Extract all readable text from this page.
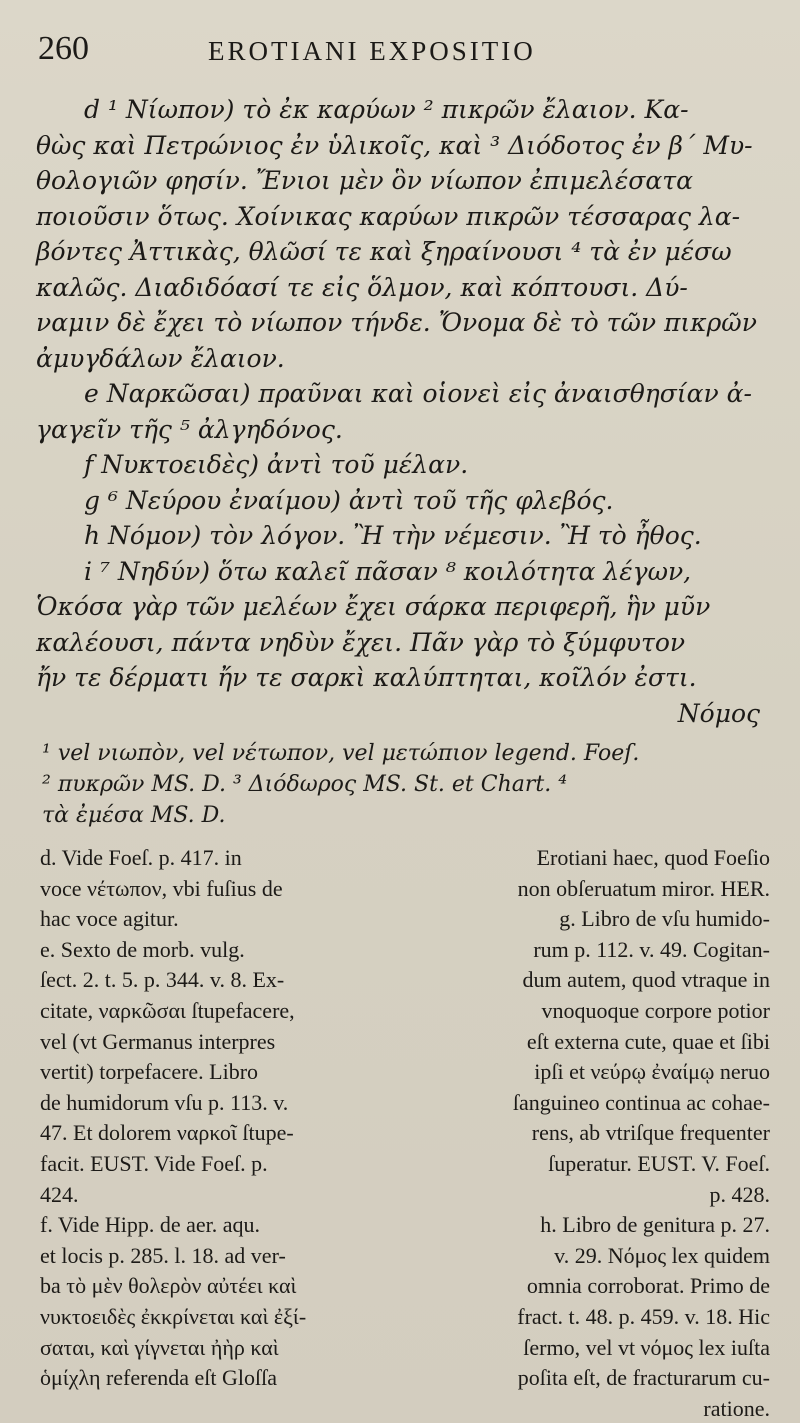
260	EROTIANI EXPOSITIO
d ¹ Νίωπον) τὸ ἐκ καρύων ² πικρῶν ἔλαιον. Κα-
θὼς καὶ Πετρώνιος ἐν ὑλικοῖς, καὶ ³ Διόδοτος ἐν β΄ Μυ-
θολογιῶν φησίν. Ἔνιοι μὲν ὃν νίωπον ἐπιμελέσατα
ποιοῦσιν ὅτως. Χοίνικας καρύων πικρῶν τέσσαρας λα-
βόντες Ἀττικὰς, θλῶσί τε καὶ ξηραίνουσι ⁴ τὰ ἐν μέσω
καλῶς. Διαδιδόασί τε εἰς ὅλμον, καὶ κόπτουσι. Δύ-
ναμιν δὲ ἔχει τὸ νίωπον τήνδε. Ὄνομα δὲ τὸ τῶν πικρῶν
ἀμυγδάλων ἔλαιον.
e Ναρκῶσαι) πραῦναι καὶ οἱονεὶ εἰς ἀναισθησίαν ἀ-
γαγεῖν τῆς ⁵ ἀλγηδόνος.
f Νυκτοειδὲς) ἀντὶ τοῦ μέλαν.
g ⁶ Νεύρου ἐναίμου) ἀντὶ τοῦ τῆς φλεβός.
h Νόμον) τὸν λόγον. Ἢ τὴν νέμεσιν. Ἢ τὸ ἦθος.
i ⁷ Νηδύν) ὅτω καλεῖ πᾶσαν ⁸ κοιλότητα λέγων,
Ὁκόσα γὰρ τῶν μελέων ἔχει σάρκα περιφερῆ, ἣν μῦν
καλέουσι, πάντα νηδὺν ἔχει. Πᾶν γὰρ τὸ ξύμφυτον
ἤν τε δέρματι ἤν τε σαρκὶ καλύπτηται, κοῖλόν ἐστι.
Νόμος
¹ vel νιωπὸν, vel νέτωπον, vel μετώπιον legend. Foeſ.
² πυκρῶν MS. D. ³ Διόδωρος MS. St. et Chart. ⁴
τὰ ἐμέσα MS. D.
d. Vide Foeſ. p. 417. in
voce νέτωπον, vbi fuſius de
hac voce agitur.
e. Sexto de morb. vulg.
ſect. 2. t. 5. p. 344. v. 8. Ex-
citate, ναρκῶσαι ſtupefacere,
vel (vt Germanus interpres
vertit) torpefacere. Libro
de humidorum vſu p. 113. v.
47. Et dolorem ναρκοῖ ſtupe-
facit. EUST. Vide Foeſ. p.
424.
f. Vide Hipp. de aer. aqu.
et locis p. 285. l. 18. ad ver-
ba τὸ μὲν θολερὸν αὐτέει καὶ
νυκτοειδὲς ἐκκρίνεται καὶ ἐξί-
σαται, καὶ γίγνεται ἠὴρ καὶ
ὁμίχλη referenda eſt Gloſſa
Erotiani haec, quod Foeſio
non obſeruatum miror. HER.
g. Libro de vſu humido-
rum p. 112. v. 49. Cogitan-
dum autem, quod vtraque in
vnoquoque corpore potior
eſt externa cute, quae et ſibi
ipſi et νεύρῳ ἐναίμῳ neruo
ſanguineo continua ac cohae-
rens, ab vtriſque frequenter
ſuperatur. EUST. V. Foeſ.
p. 428.
h. Libro de genitura p. 27.
v. 29. Νόμος lex quidem
omnia corroborat. Primo de
fract. t. 48. p. 459. v. 18. Hic
ſermo, vel vt νόμος lex iuſta
poſita eſt, de fracturarum cu-
ratione.
